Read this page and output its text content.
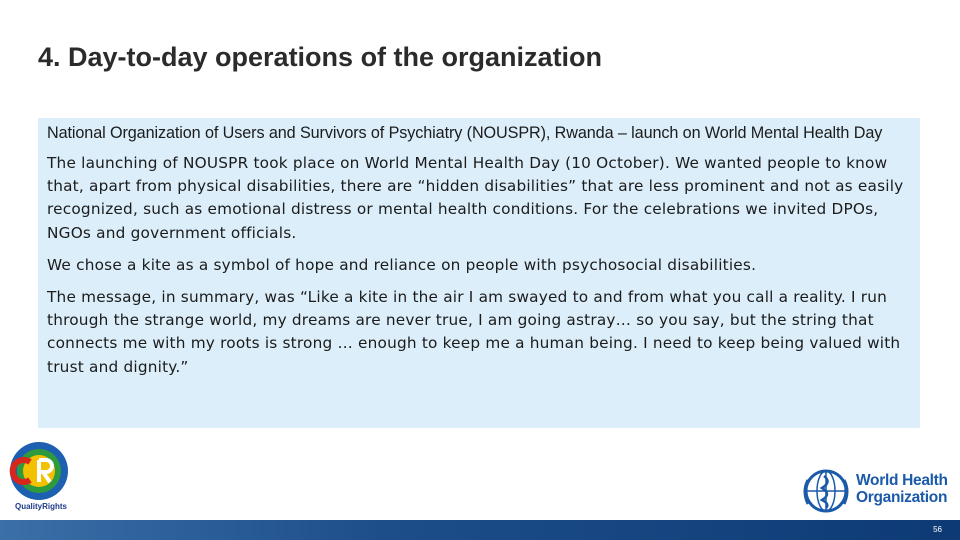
4. Day-to-day operations of the organization

National Organization of Users and Survivors of Psychiatry (NOUSPR), Rwanda – launch on World Mental Health Day

The launching of NOUSPR took place on World Mental Health Day (10 October). We wanted people to know that, apart from physical disabilities, there are “hidden disabilities” that are less prominent and not as easily recognized, such as emotional distress or mental health conditions. For the celebrations we invited DPOs, NGOs and government officials.

We chose a kite as a symbol of hope and reliance on people with psychosocial disabilities.

The message, in summary, was “Like a kite in the air I am swayed to and from what you call a reality. I run through the strange world, my dreams are never true, I am going astray… so you say, but the string that connects me with my roots is strong … enough to keep me a human being. I need to keep being valued with trust and dignity.”

QualityRights
World Health
Organization
56
